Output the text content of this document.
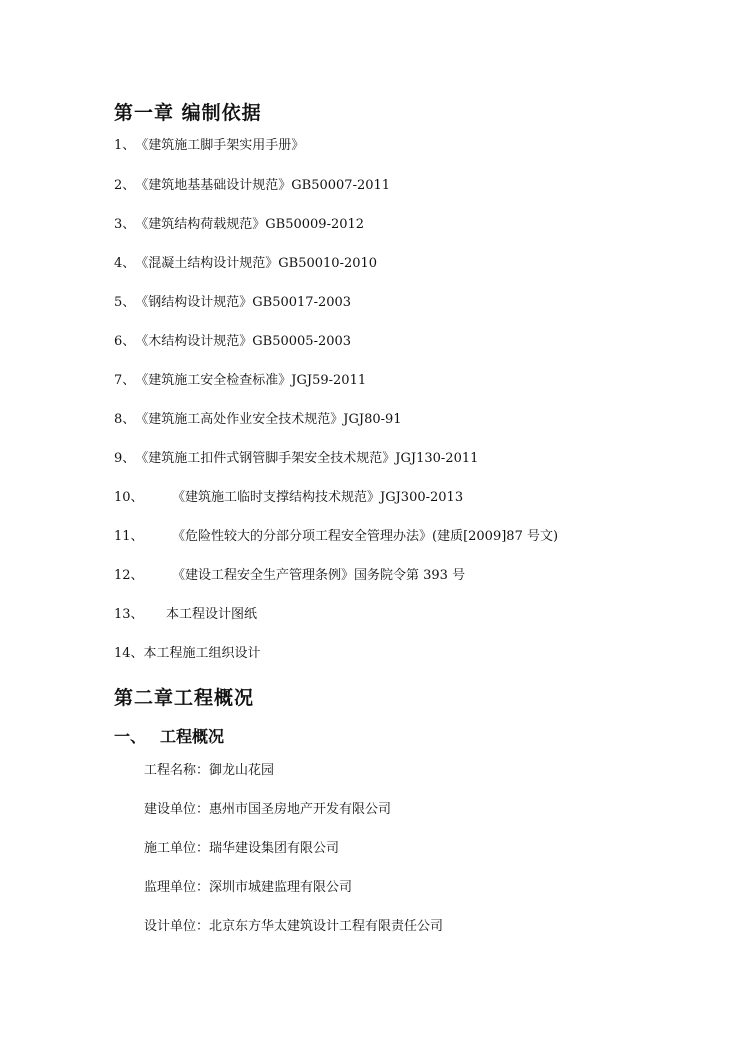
第一章 编制依据
1、《建筑施工脚手架实用手册》
2、《建筑地基基础设计规范》GB50007-2011
3、《建筑结构荷载规范》GB50009-2012
4、《混凝土结构设计规范》GB50010-2010
5、《钢结构设计规范》GB50017-2003
6、《木结构设计规范》GB50005-2003
7、《建筑施工安全检查标准》JGJ59-2011
8、《建筑施工高处作业安全技术规范》JGJ80-91
9、《建筑施工扣件式钢管脚手架安全技术规范》JGJ130-2011
10、 《建筑施工临时支撑结构技术规范》JGJ300-2013
11、 《危险性较大的分部分项工程安全管理办法》(建质[2009]87 号文)
12、 《建设工程安全生产管理条例》国务院令第 393 号
13、 本工程设计图纸
14、本工程施工组织设计
第二章工程概况
一、 工程概况
工程名称：御龙山花园
建设单位：惠州市国圣房地产开发有限公司
施工单位：瑞华建设集团有限公司
监理单位：深圳市城建监理有限公司
设计单位：北京东方华太建筑设计工程有限责任公司
